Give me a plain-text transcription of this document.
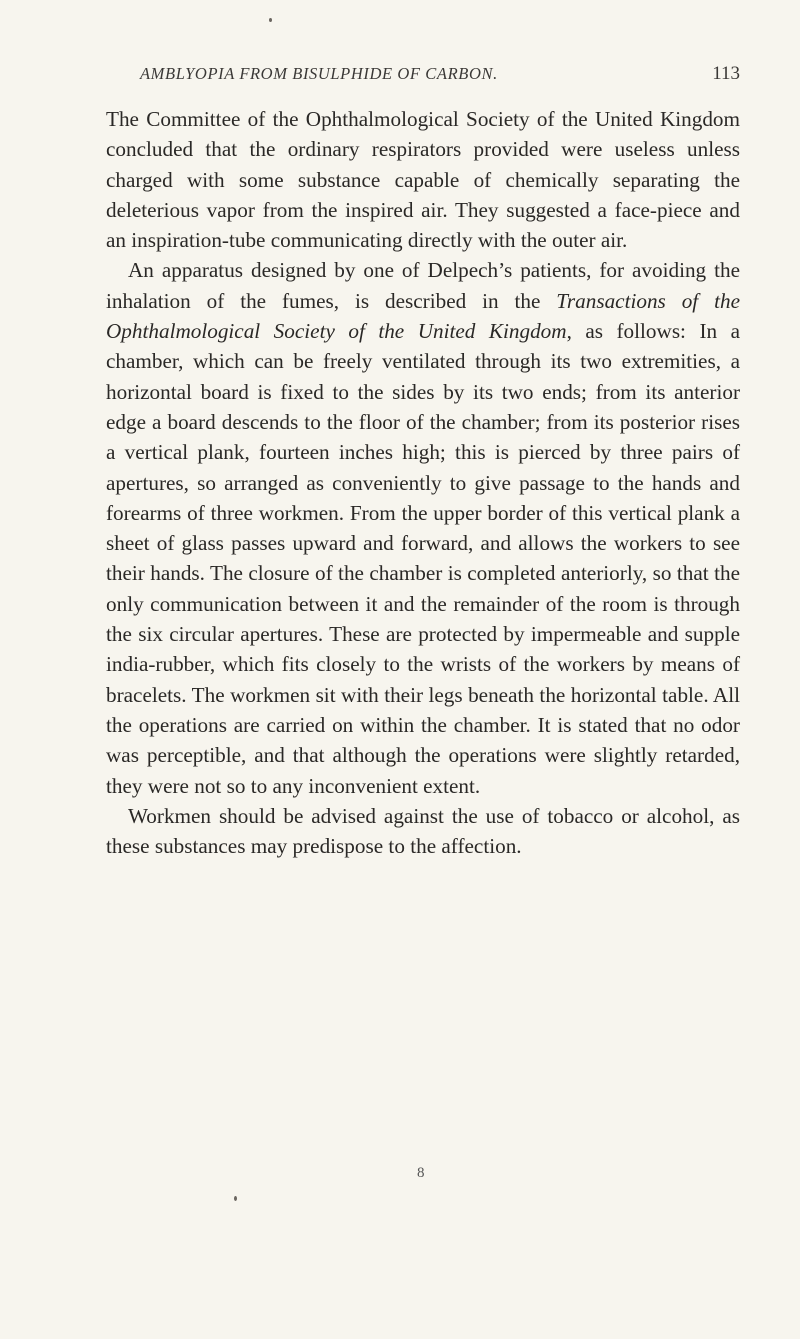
AMBLYOPIA FROM BISULPHIDE OF CARBON.	113

The Committee of the Ophthalmological Society of the United Kingdom concluded that the ordinary respirators provided were useless unless charged with some substance capable of chemically separating the deleterious vapor from the inspired air. They suggested a face-piece and an inspiration-tube communicating directly with the outer air.

An apparatus designed by one of Delpech’s patients, for avoiding the inhalation of the fumes, is described in the Transactions of the Ophthalmological Society of the United Kingdom, as follows: In a chamber, which can be freely ventilated through its two extremities, a horizontal board is fixed to the sides by its two ends; from its anterior edge a board descends to the floor of the chamber; from its posterior rises a vertical plank, fourteen inches high; this is pierced by three pairs of apertures, so arranged as conveniently to give passage to the hands and forearms of three workmen. From the upper border of this vertical plank a sheet of glass passes upward and forward, and allows the workers to see their hands. The closure of the chamber is completed anteriorly, so that the only communication between it and the remainder of the room is through the six circular apertures. These are protected by impermeable and supple india-rubber, which fits closely to the wrists of the workers by means of bracelets. The workmen sit with their legs beneath the horizontal table. All the operations are carried on within the chamber. It is stated that no odor was perceptible, and that although the operations were slightly retarded, they were not so to any inconvenient extent.

Workmen should be advised against the use of tobacco or alcohol, as these substances may predispose to the affection.

8
